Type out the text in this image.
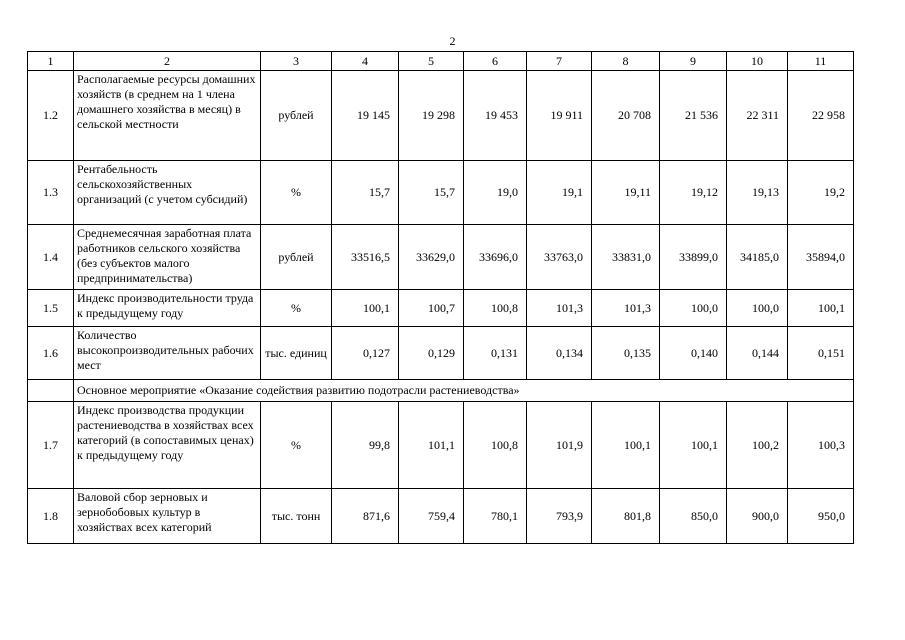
2
1	2	3	4	5	6	7	8	9	10	11
1.2	Располагаемые ресурсы домашних хозяйств (в среднем на 1 члена домашнего хозяйства в месяц) в сельской местности	рублей	19 145	19 298	19 453	19 911	20 708	21 536	22 311	22 958
1.3	Рентабельность сельскохозяйственных организаций (с учетом субсидий)	%	15,7	15,7	19,0	19,1	19,11	19,12	19,13	19,2
1.4	Среднемесячная заработная плата работников сельского хозяйства (без субъектов малого предпринимательства)	рублей	33516,5	33629,0	33696,0	33763,0	33831,0	33899,0	34185,0	35894,0
1.5	Индекс производительности труда к предыдущему году	%	100,1	100,7	100,8	101,3	101,3	100,0	100,0	100,1
1.6	Количество высокопроизводительных рабочих мест	тыс. единиц	0,127	0,129	0,131	0,134	0,135	0,140	0,144	0,151
	Основное мероприятие «Оказание содействия развитию подотрасли растениеводства»									
1.7	Индекс производства продукции растениеводства в хозяйствах всех категорий (в сопоставимых ценах) к предыдущему году	%	99,8	101,1	100,8	101,9	100,1	100,1	100,2	100,3
1.8	Валовой сбор зерновых и зернобобовых культур в хозяйствах всех категорий	тыс. тонн	871,6	759,4	780,1	793,9	801,8	850,0	900,0	950,0
